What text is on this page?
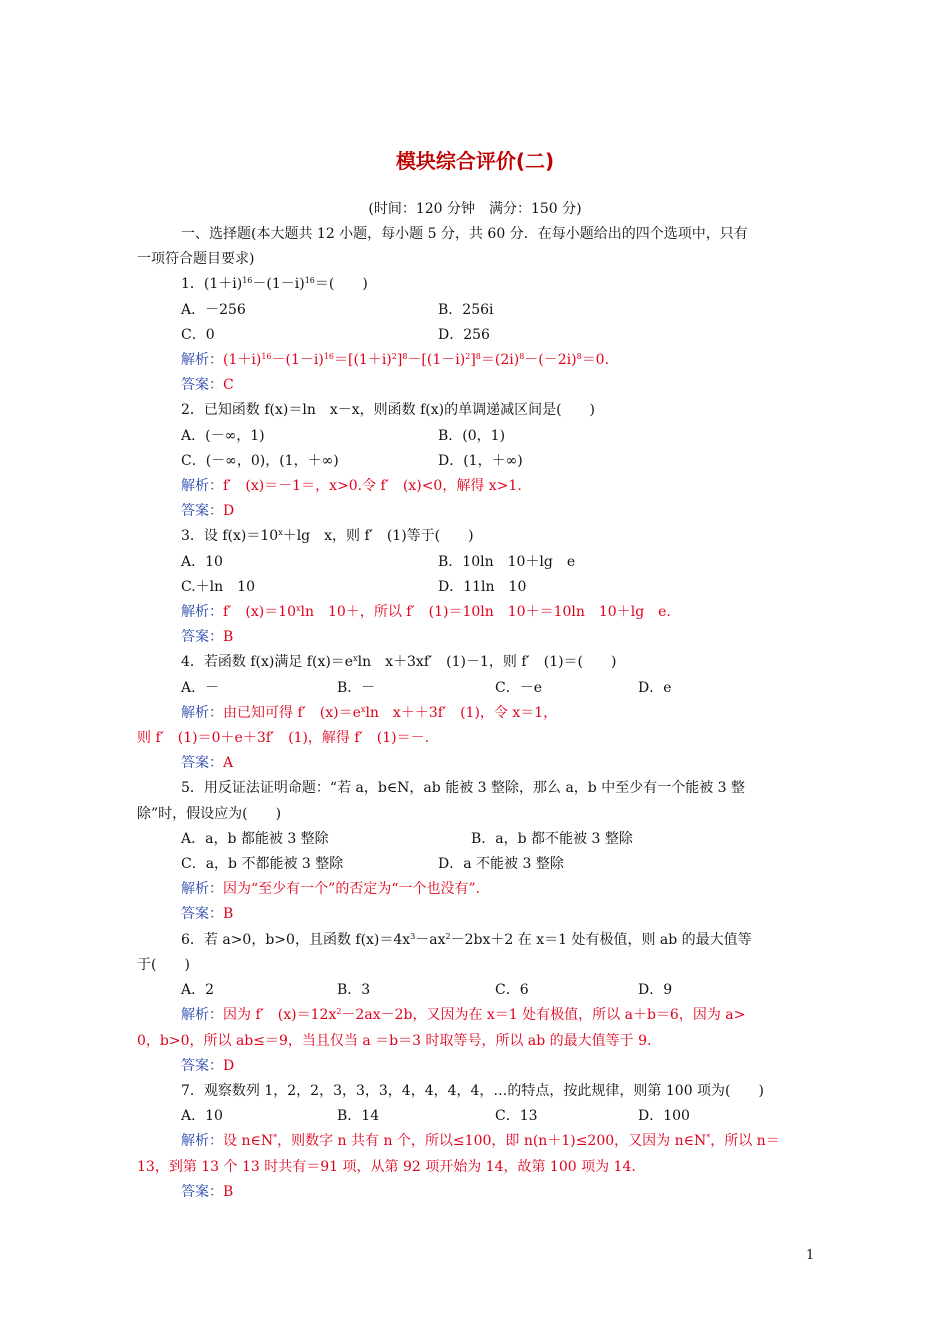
模块综合评价(二)
(时间：120 分钟　满分：150 分)
一、选择题(本大题共 12 小题，每小题 5 分，共 60 分．在每小题给出的四个选项中，只有
一项符合题目要求)
1．$(1+i)^{16}-(1-i)^{16}=$(　　)
A．－256	B．256i
C．0	D．256
解析：$(1+i)^{16}-(1-i)^{16}=[(1+i)^2]^8-[(1-i)^2]^8=(2i)^8-(-2i)^8=0$.
答案：C
2．已知函数 f(x)＝ln　x－x，则函数 f(x)的单调递减区间是(　　)
A．(－∞，1)	B．(0，1)
C．(－∞，0)，(1，＋∞)	D．(1，＋∞)
解析：f′　(x)＝－1＝，x>0.令 f′　(x)<0，解得 x>1.
答案：D
3．设 $f(x)=10^x+\lg$　x，则 f′　(1)等于(　　)
A．10	B．10ln　10＋lg　e
C.＋ln　10	D．11ln　10
解析：f′　$(x)=10^x\ln$　10＋，所以 f′　(1)＝10ln　10＋＝10ln　10＋lg　e.
答案：B
4．若函数 f(x)满足 $f(x)=e^x\ln$　x＋3xf′　(1)－1，则 f′　(1)＝(　　)
A．－	B．－	C．－e	D．e
解析：由已知可得 f′　$(x)=e^x\ln$　x＋＋3f′　(1)，令 x＝1，
则 f′　(1)＝0＋e＋3f′　(1)，解得 f′　(1)＝－.
答案：A
5．用反证法证明命题：“若 a，b∈N，ab 能被 3 整除，那么 a，b 中至少有一个能被 3 整
除”时，假设应为(　　)
A．a，b 都能被 3 整除	B．a，b 都不能被 3 整除
C．a，b 不都能被 3 整除	D．a 不能被 3 整除
解析：因为“至少有一个”的否定为“一个也没有”．
答案：B
6．若 a>0，b>0，且函数 $f(x)=4x^3-ax^2-2bx+2$ 在 x＝1 处有极值，则 ab 的最大值等
于(　　)
A．2	B．3	C．6	D．9
解析：因为 f′　$(x)=12x^2-2ax-2b$，又因为在 x＝1 处有极值，所以 a＋b＝6，因为 a>
0，b>0，所以 ab≤＝9，当且仅当 a ＝b＝3 时取等号，所以 ab 的最大值等于 9.
答案：D
7．观察数列 1，2，2，3，3，3，4，4，4，4，…的特点，按此规律，则第 100 项为(　　)
A．10	B．14	C．13	D．100
解析：设 n∈N*，则数字 n 共有 n 个，所以≤100，即 n(n＋1)≤200，又因为 n∈N*，所以 n＝
13，到第 13 个 13 时共有＝91 项，从第 92 项开始为 14，故第 100 项为 14.
答案：B
1
